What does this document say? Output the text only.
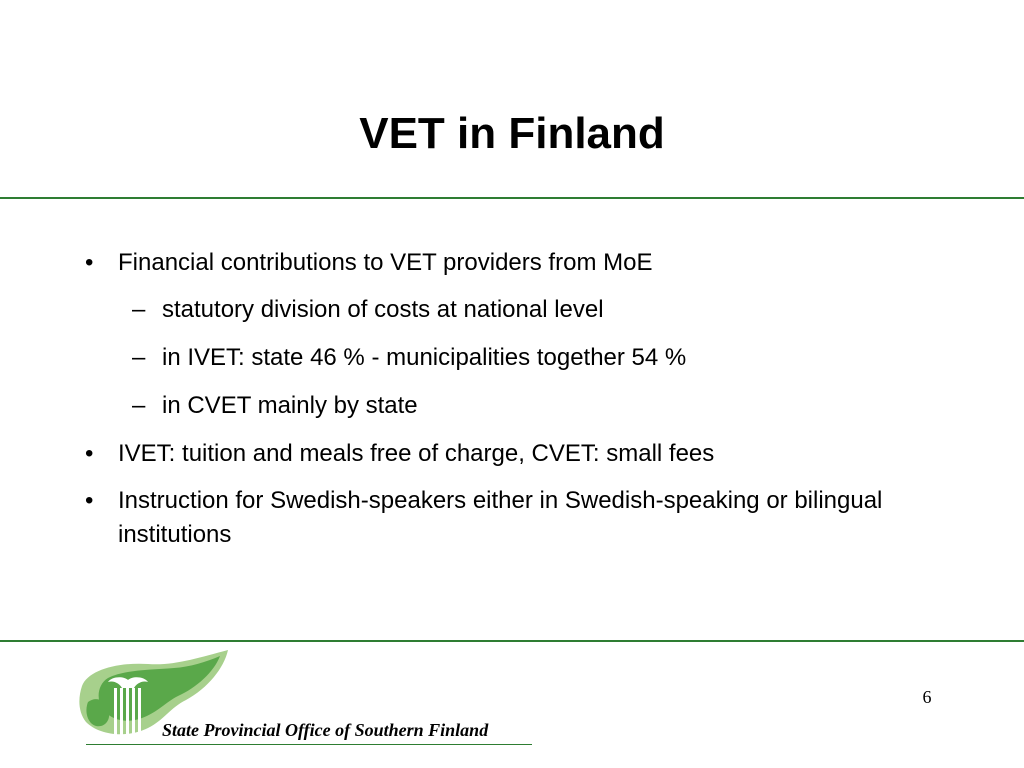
VET in Finland
• Financial contributions to VET providers from MoE
– statutory division of costs at national level
– in IVET: state 46 % - municipalities together 54 %
– in CVET mainly by state
• IVET: tuition and meals free of charge, CVET: small fees
• Instruction for Swedish-speakers either in Swedish-speaking or bilingual institutions
State Provincial Office of Southern Finland
6
